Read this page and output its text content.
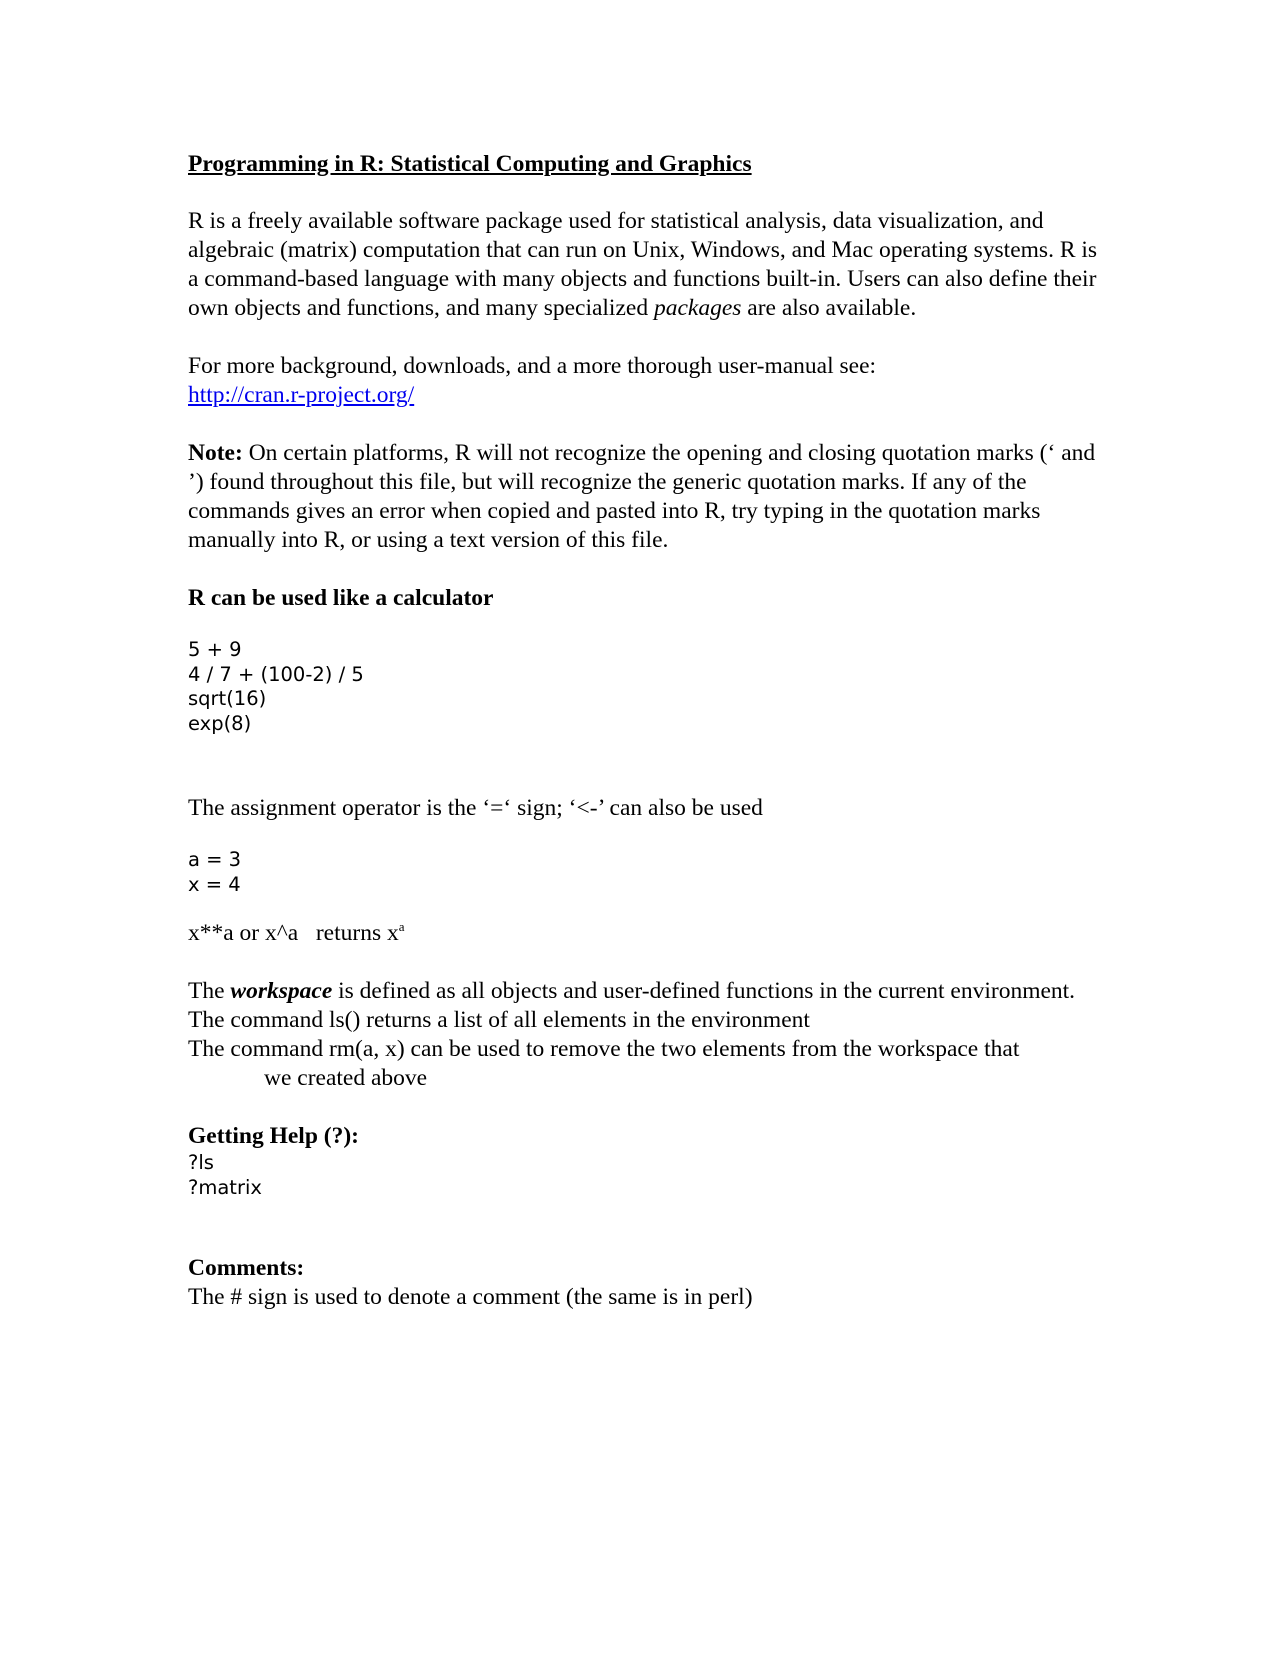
Programming in R: Statistical Computing and Graphics

R is a freely available software package used for statistical analysis, data visualization, and algebraic (matrix) computation that can run on Unix, Windows, and Mac operating systems. R is a command-based language with many objects and functions built-in. Users can also define their own objects and functions, and many specialized packages are also available.

For more background, downloads, and a more thorough user-manual see:
http://cran.r-project.org/

Note: On certain platforms, R will not recognize the opening and closing quotation marks (‘ and ’) found throughout this file, but will recognize the generic quotation marks. If any of the commands gives an error when copied and pasted into R, try typing in the quotation marks manually into R, or using a text version of this file.

R can be used like a calculator

5 + 9
4 / 7 + (100-2) / 5
sqrt(16)
exp(8)

The assignment operator is the ‘=‘ sign; ‘<-’ can also be used

a = 3
x = 4

x**a or x^a   returns $x^a$

The workspace is defined as all objects and user-defined functions in the current environment. The command ls() returns a list of all elements in the environment

The command rm(a, x) can be used to remove the two elements from the workspace that

we created above

Getting Help (?):

?ls
?matrix

Comments:

The # sign is used to denote a comment (the same is in perl)
